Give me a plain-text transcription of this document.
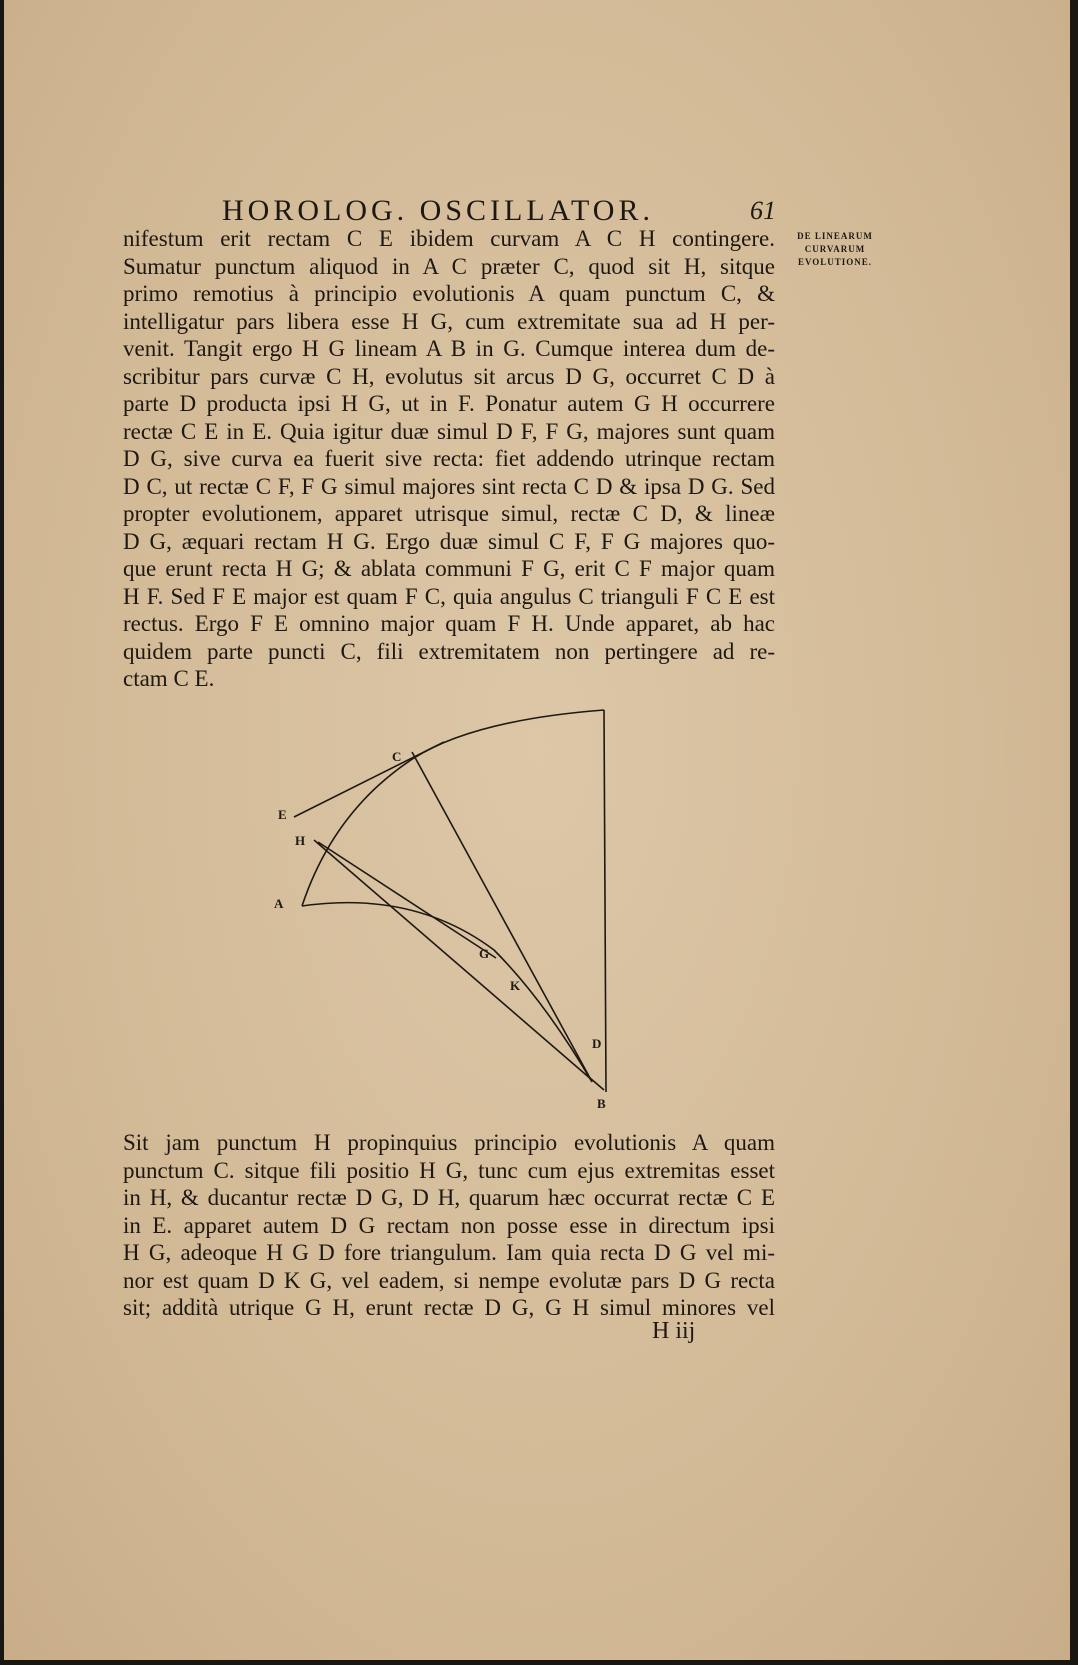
HOROLOG. OSCILLATOR.	61
DE LINEARUM
CURVARUM
EVOLUTIONE.
nifestum erit rectam C E ibidem curvam A C H contingere.
Sumatur punctum aliquod in A C præter C, quod sit H, sitque
primo remotius à principio evolutionis A quam punctum C, &
intelligatur pars libera esse H G, cum extremitate sua ad H per-
venit. Tangit ergo H G lineam A B in G. Cumque interea dum de-
scribitur pars curvæ C H, evolutus sit arcus D G, occurret C D à
parte D producta ipsi H G, ut in F. Ponatur autem G H occurrere
rectæ C E in E. Quia igitur duæ simul D F, F G, majores sunt quam
D G, sive curva ea fuerit sive recta: fiet addendo utrinque rectam
D C, ut rectæ C F, F G simul majores sint recta C D & ipsa D G. Sed
propter evolutionem, apparet utrisque simul, rectæ C D, & lineæ
D G, æquari rectam H G. Ergo duæ simul C F, F G majores quo-
que erunt recta H G; & ablata communi F G, erit C F major quam
H F. Sed F E major est quam F C, quia angulus C trianguli F C E est
rectus. Ergo F E omnino major quam F H. Unde apparet, ab hac
quidem parte puncti C, fili extremitatem non pertingere ad re-
ctam C E.
C
E
H
A
G
K
D
B
Sit jam punctum H propinquius principio evolutionis A quam
punctum C. sitque fili positio H G, tunc cum ejus extremitas esset
in H, & ducantur rectæ D G, D H, quarum hæc occurrat rectæ C E
in E. apparet autem D G rectam non posse esse in directum ipsi
H G, adeoque H G D fore triangulum. Iam quia recta D G vel mi-
nor est quam D K G, vel eadem, si nempe evolutæ pars D G recta
sit; addità utrique G H, erunt rectæ D G, G H simul minores vel
H iij
